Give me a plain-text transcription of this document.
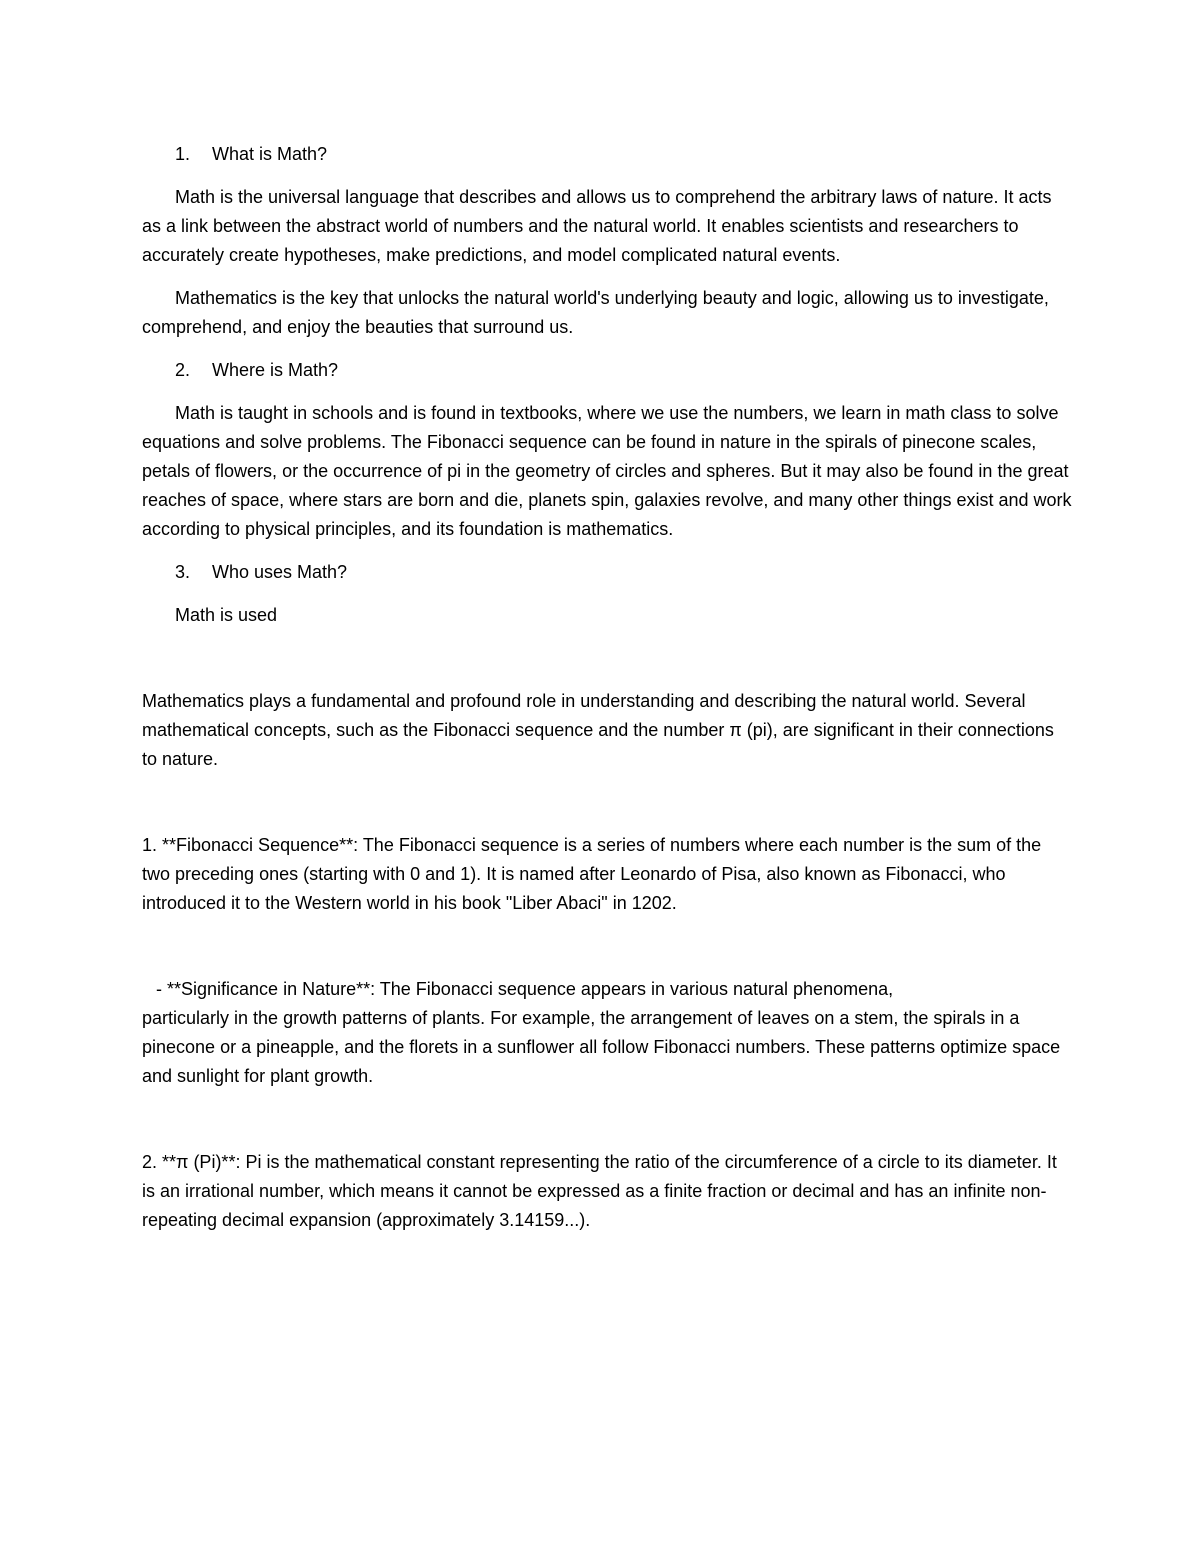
1. What is Math?

Math is the universal language that describes and allows us to comprehend the arbitrary laws of nature. It acts as a link between the abstract world of numbers and the natural world. It enables scientists and researchers to accurately create hypotheses, make predictions, and model complicated natural events.

Mathematics is the key that unlocks the natural world's underlying beauty and logic, allowing us to investigate, comprehend, and enjoy the beauties that surround us.

2. Where is Math?

Math is taught in schools and is found in textbooks, where we use the numbers, we learn in math class to solve equations and solve problems. The Fibonacci sequence can be found in nature in the spirals of pinecone scales, petals of flowers, or the occurrence of pi in the geometry of circles and spheres. But it may also be found in the great reaches of space, where stars are born and die, planets spin, galaxies revolve, and many other things exist and work according to physical principles, and its foundation is mathematics.

3. Who uses Math?

Math is used

Mathematics plays a fundamental and profound role in understanding and describing the natural world. Several mathematical concepts, such as the Fibonacci sequence and the number π (pi), are significant in their connections to nature.

1. **Fibonacci Sequence**: The Fibonacci sequence is a series of numbers where each number is the sum of the two preceding ones (starting with 0 and 1). It is named after Leonardo of Pisa, also known as Fibonacci, who introduced it to the Western world in his book "Liber Abaci" in 1202.

- **Significance in Nature**: The Fibonacci sequence appears in various natural phenomena,

particularly in the growth patterns of plants. For example, the arrangement of leaves on a stem, the spirals in a pinecone or a pineapple, and the florets in a sunflower all follow Fibonacci numbers. These patterns optimize space and sunlight for plant growth.

2. **π (Pi)**: Pi is the mathematical constant representing the ratio of the circumference of a circle to its diameter. It is an irrational number, which means it cannot be expressed as a finite fraction or decimal and has an infinite non-repeating decimal expansion (approximately 3.14159...).
